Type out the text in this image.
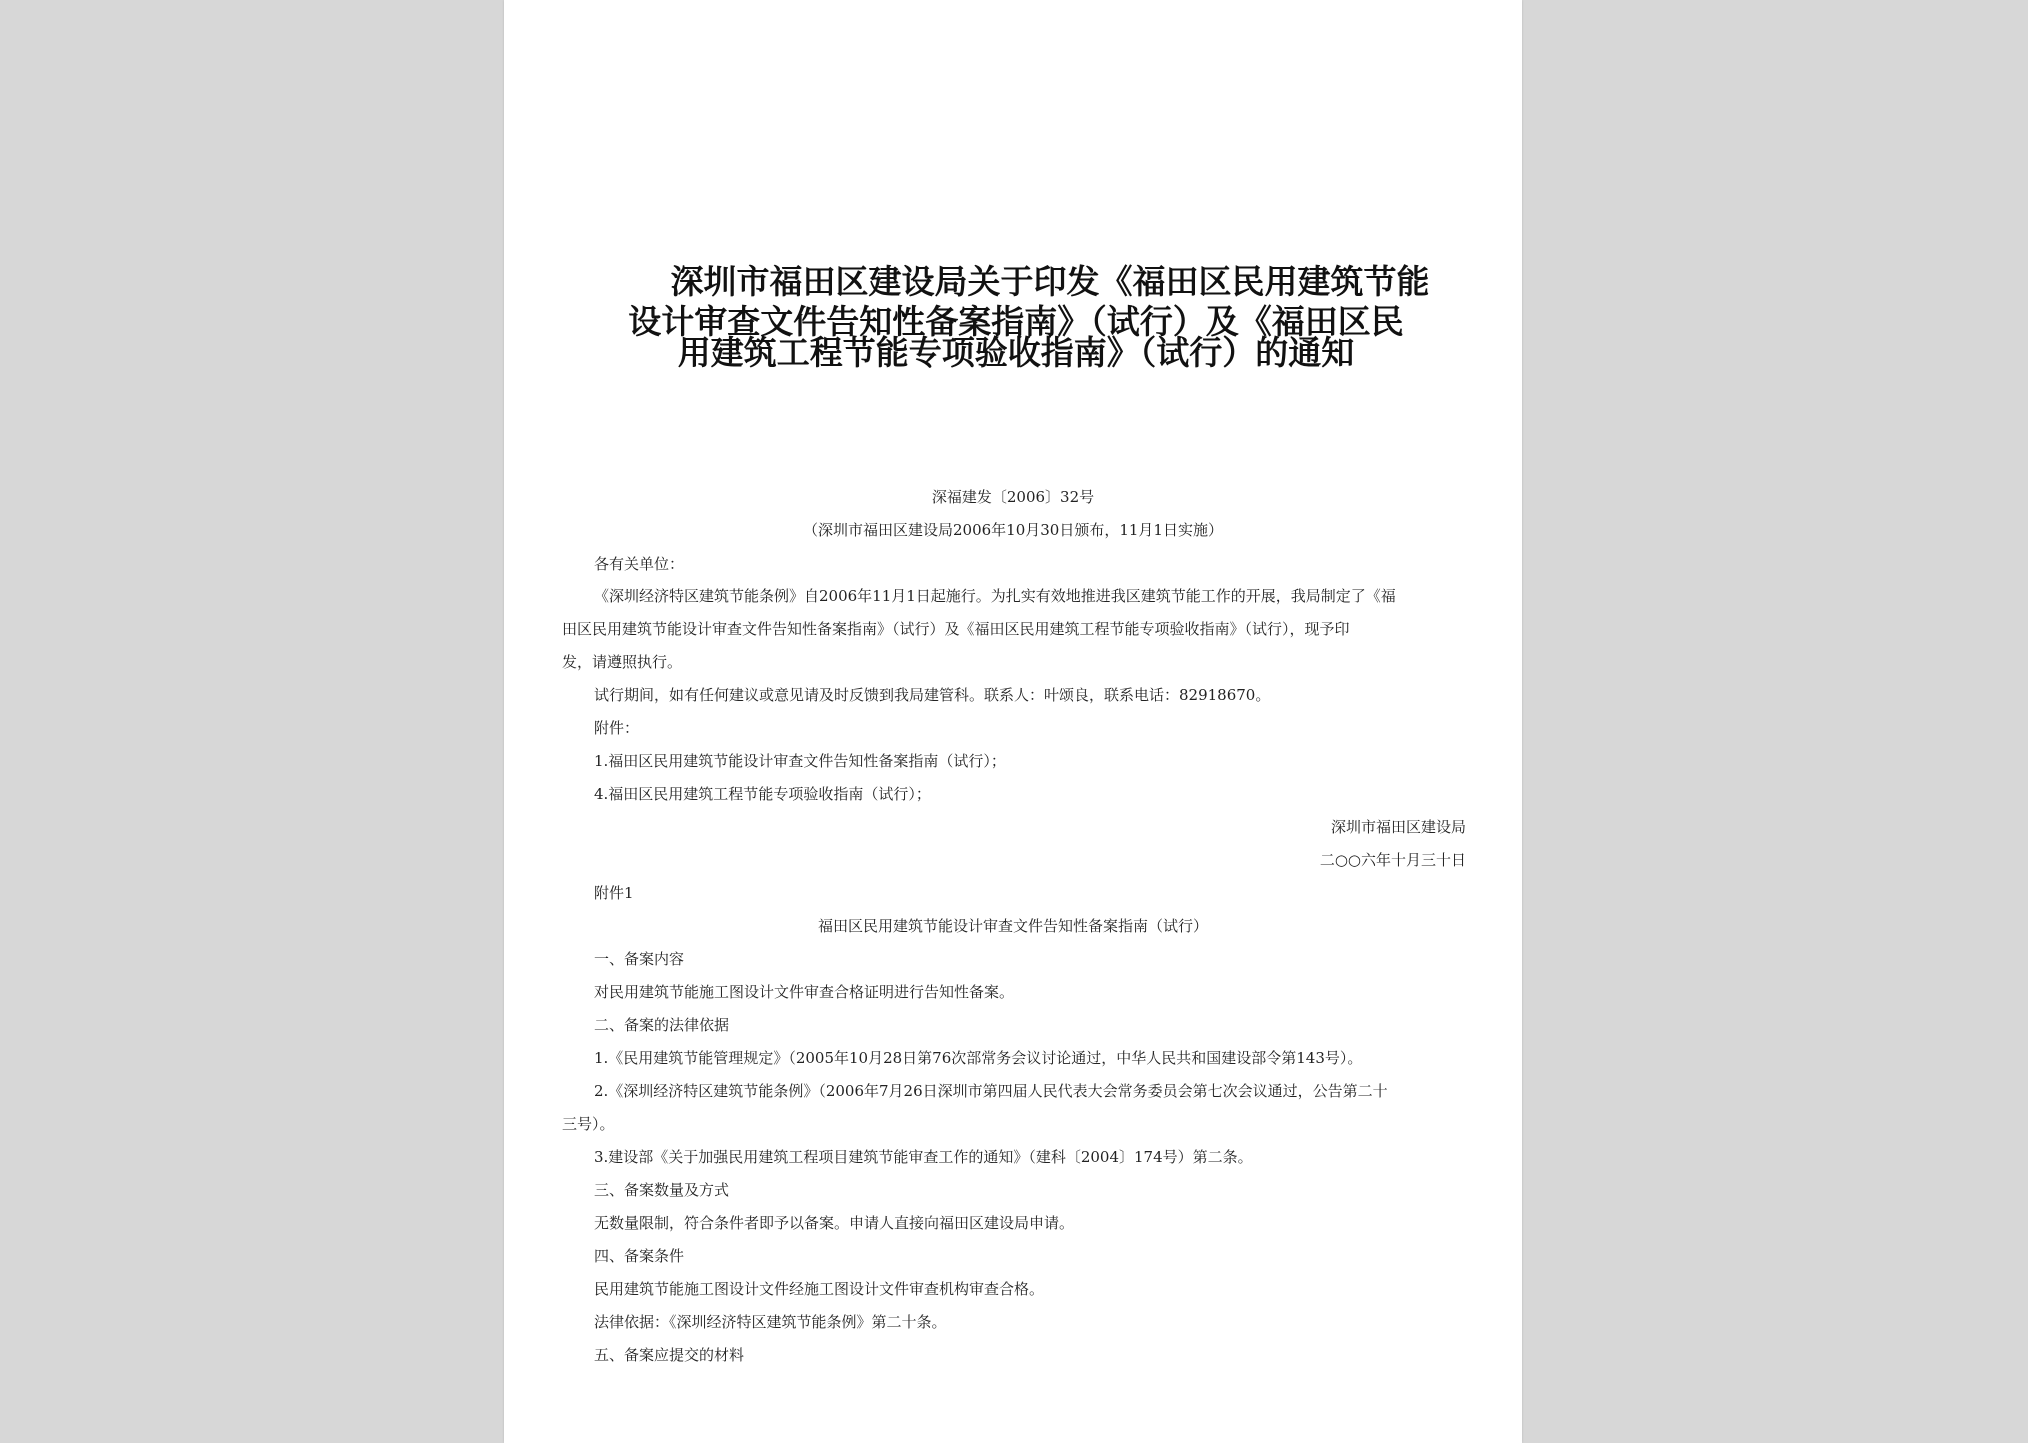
深圳市福田区建设局关于印发《福田区民用建筑节能
设计审查文件告知性备案指南》（试行）及《福田区民
用建筑工程节能专项验收指南》（试行）的通知
深福建发〔2006〕32号
（深圳市福田区建设局2006年10月30日颁布，11月1日实施）
各有关单位：
《深圳经济特区建筑节能条例》自2006年11月1日起施行。为扎实有效地推进我区建筑节能工作的开展，我局制定了《福
田区民用建筑节能设计审查文件告知性备案指南》（试行）及《福田区民用建筑工程节能专项验收指南》（试行），现予印
发，请遵照执行。
试行期间，如有任何建议或意见请及时反馈到我局建管科。联系人：叶颂良，联系电话：82918670。
附件：
1.福田区民用建筑节能设计审查文件告知性备案指南（试行）；
4.福田区民用建筑工程节能专项验收指南（试行）；
深圳市福田区建设局
二○○六年十月三十日
附件1
福田区民用建筑节能设计审查文件告知性备案指南（试行）
一、备案内容
对民用建筑节能施工图设计文件审查合格证明进行告知性备案。
二、备案的法律依据
1.《民用建筑节能管理规定》（2005年10月28日第76次部常务会议讨论通过，中华人民共和国建设部令第143号）。
2.《深圳经济特区建筑节能条例》（2006年7月26日深圳市第四届人民代表大会常务委员会第七次会议通过，公告第二十
三号）。
3.建设部《关于加强民用建筑工程项目建筑节能审查工作的通知》（建科〔2004〕174号）第二条。
三、备案数量及方式
无数量限制，符合条件者即予以备案。申请人直接向福田区建设局申请。
四、备案条件
民用建筑节能施工图设计文件经施工图设计文件审查机构审查合格。
法律依据：《深圳经济特区建筑节能条例》第二十条。
五、备案应提交的材料
